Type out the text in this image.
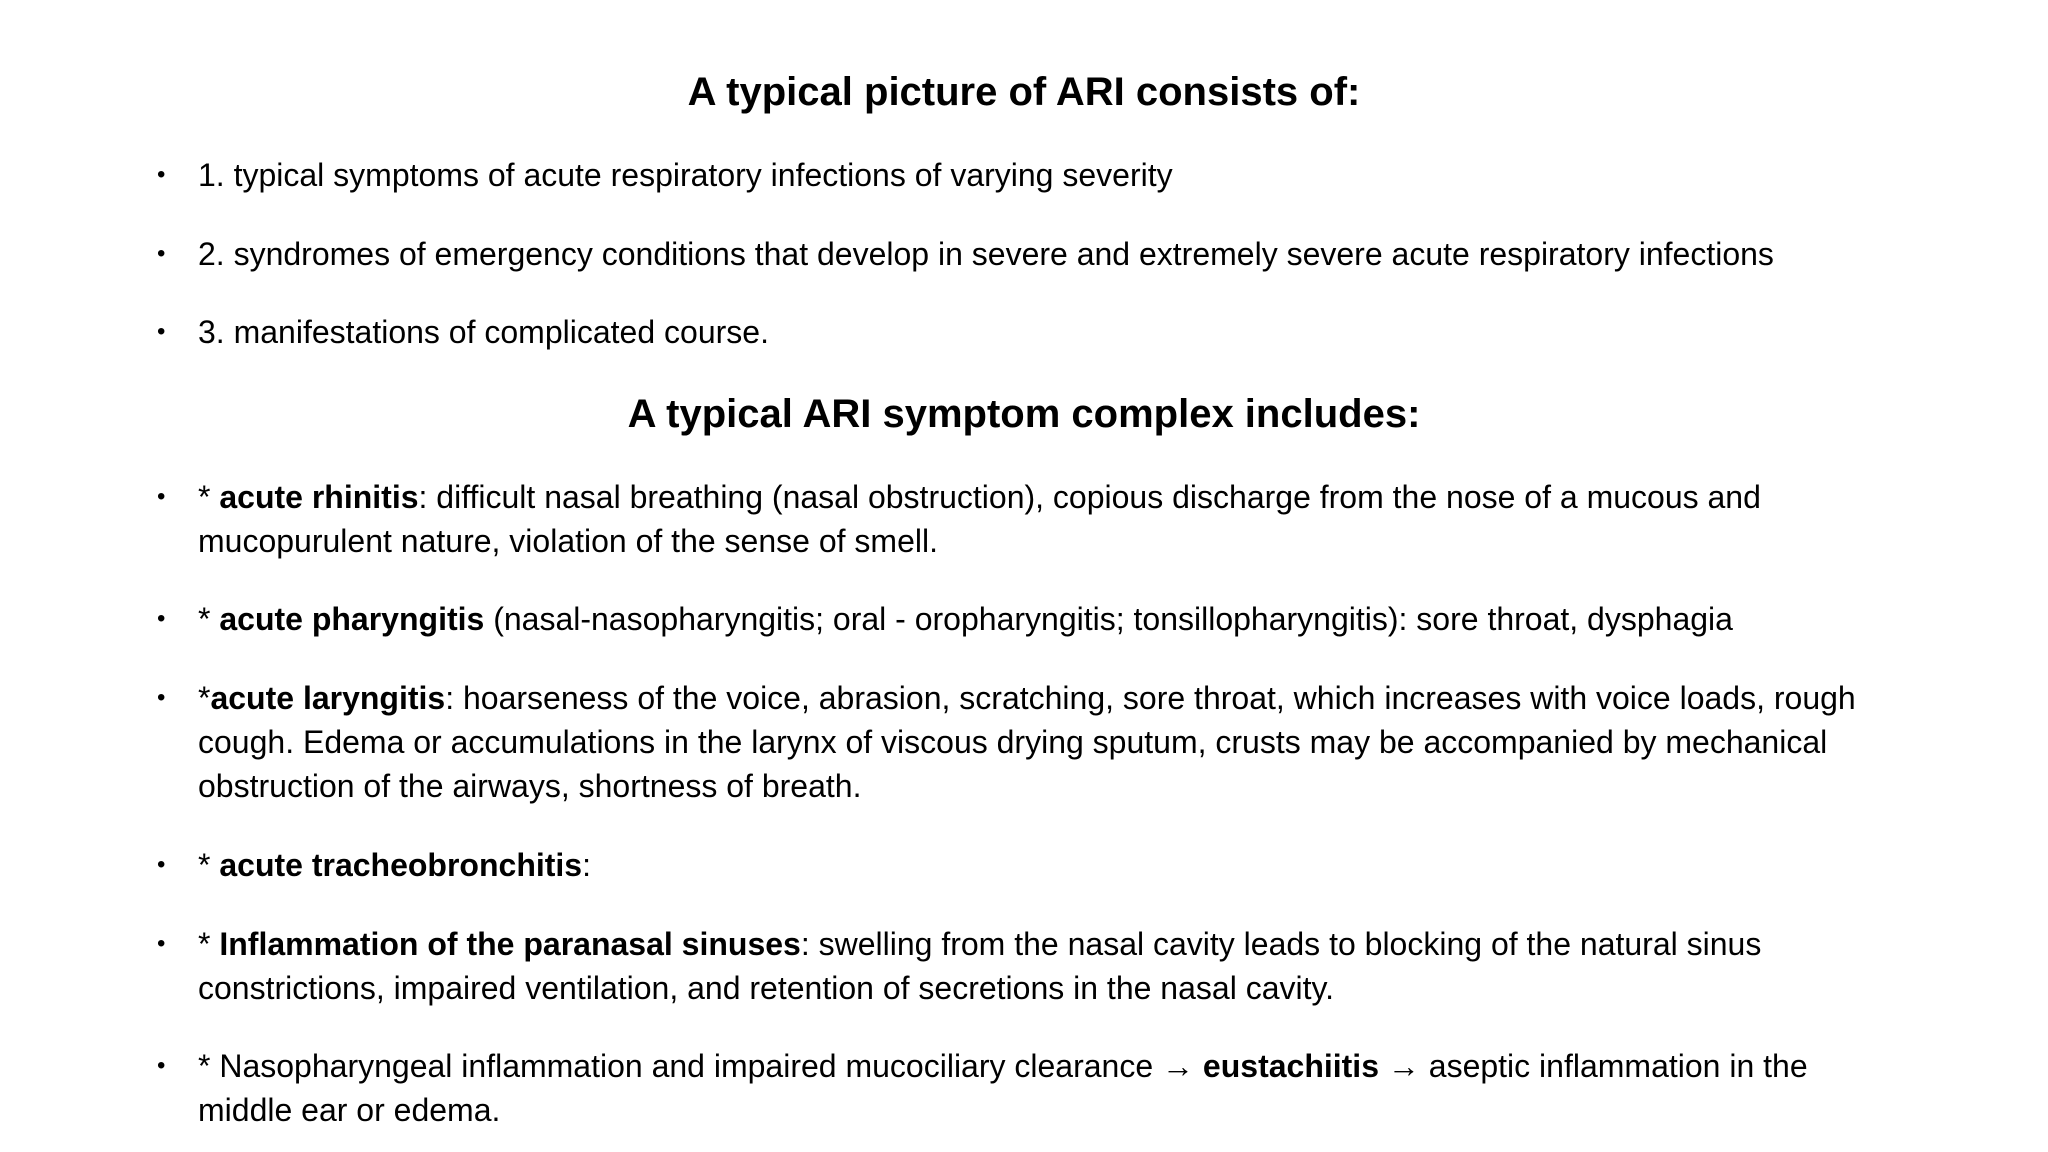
A typical picture of ARI consists of:
• 1. typical symptoms of acute respiratory infections of varying severity

• 2. syndromes of emergency conditions that develop in severe and extremely severe acute respiratory infections

• 3. manifestations of complicated course.

A typical ARI symptom complex includes:
• * acute rhinitis: difficult nasal breathing (nasal obstruction), copious discharge from the nose of a mucous and mucopurulent nature, violation of the sense of smell.

• * acute pharyngitis (nasal-nasopharyngitis; oral - oropharyngitis; tonsillopharyngitis): sore throat, dysphagia

• *acute laryngitis: hoarseness of the voice, abrasion, scratching, sore throat, which increases with voice loads, rough cough. Edema or accumulations in the larynx of viscous drying sputum, crusts may be accompanied by mechanical obstruction of the airways, shortness of breath.

• * acute tracheobronchitis:

• * Inflammation of the paranasal sinuses: swelling from the nasal cavity leads to blocking of the natural sinus constrictions, impaired ventilation, and retention of secretions in the nasal cavity.

• * Nasopharyngeal inflammation and impaired mucociliary clearance → eustachiitis → aseptic inflammation in the middle ear or edema.
